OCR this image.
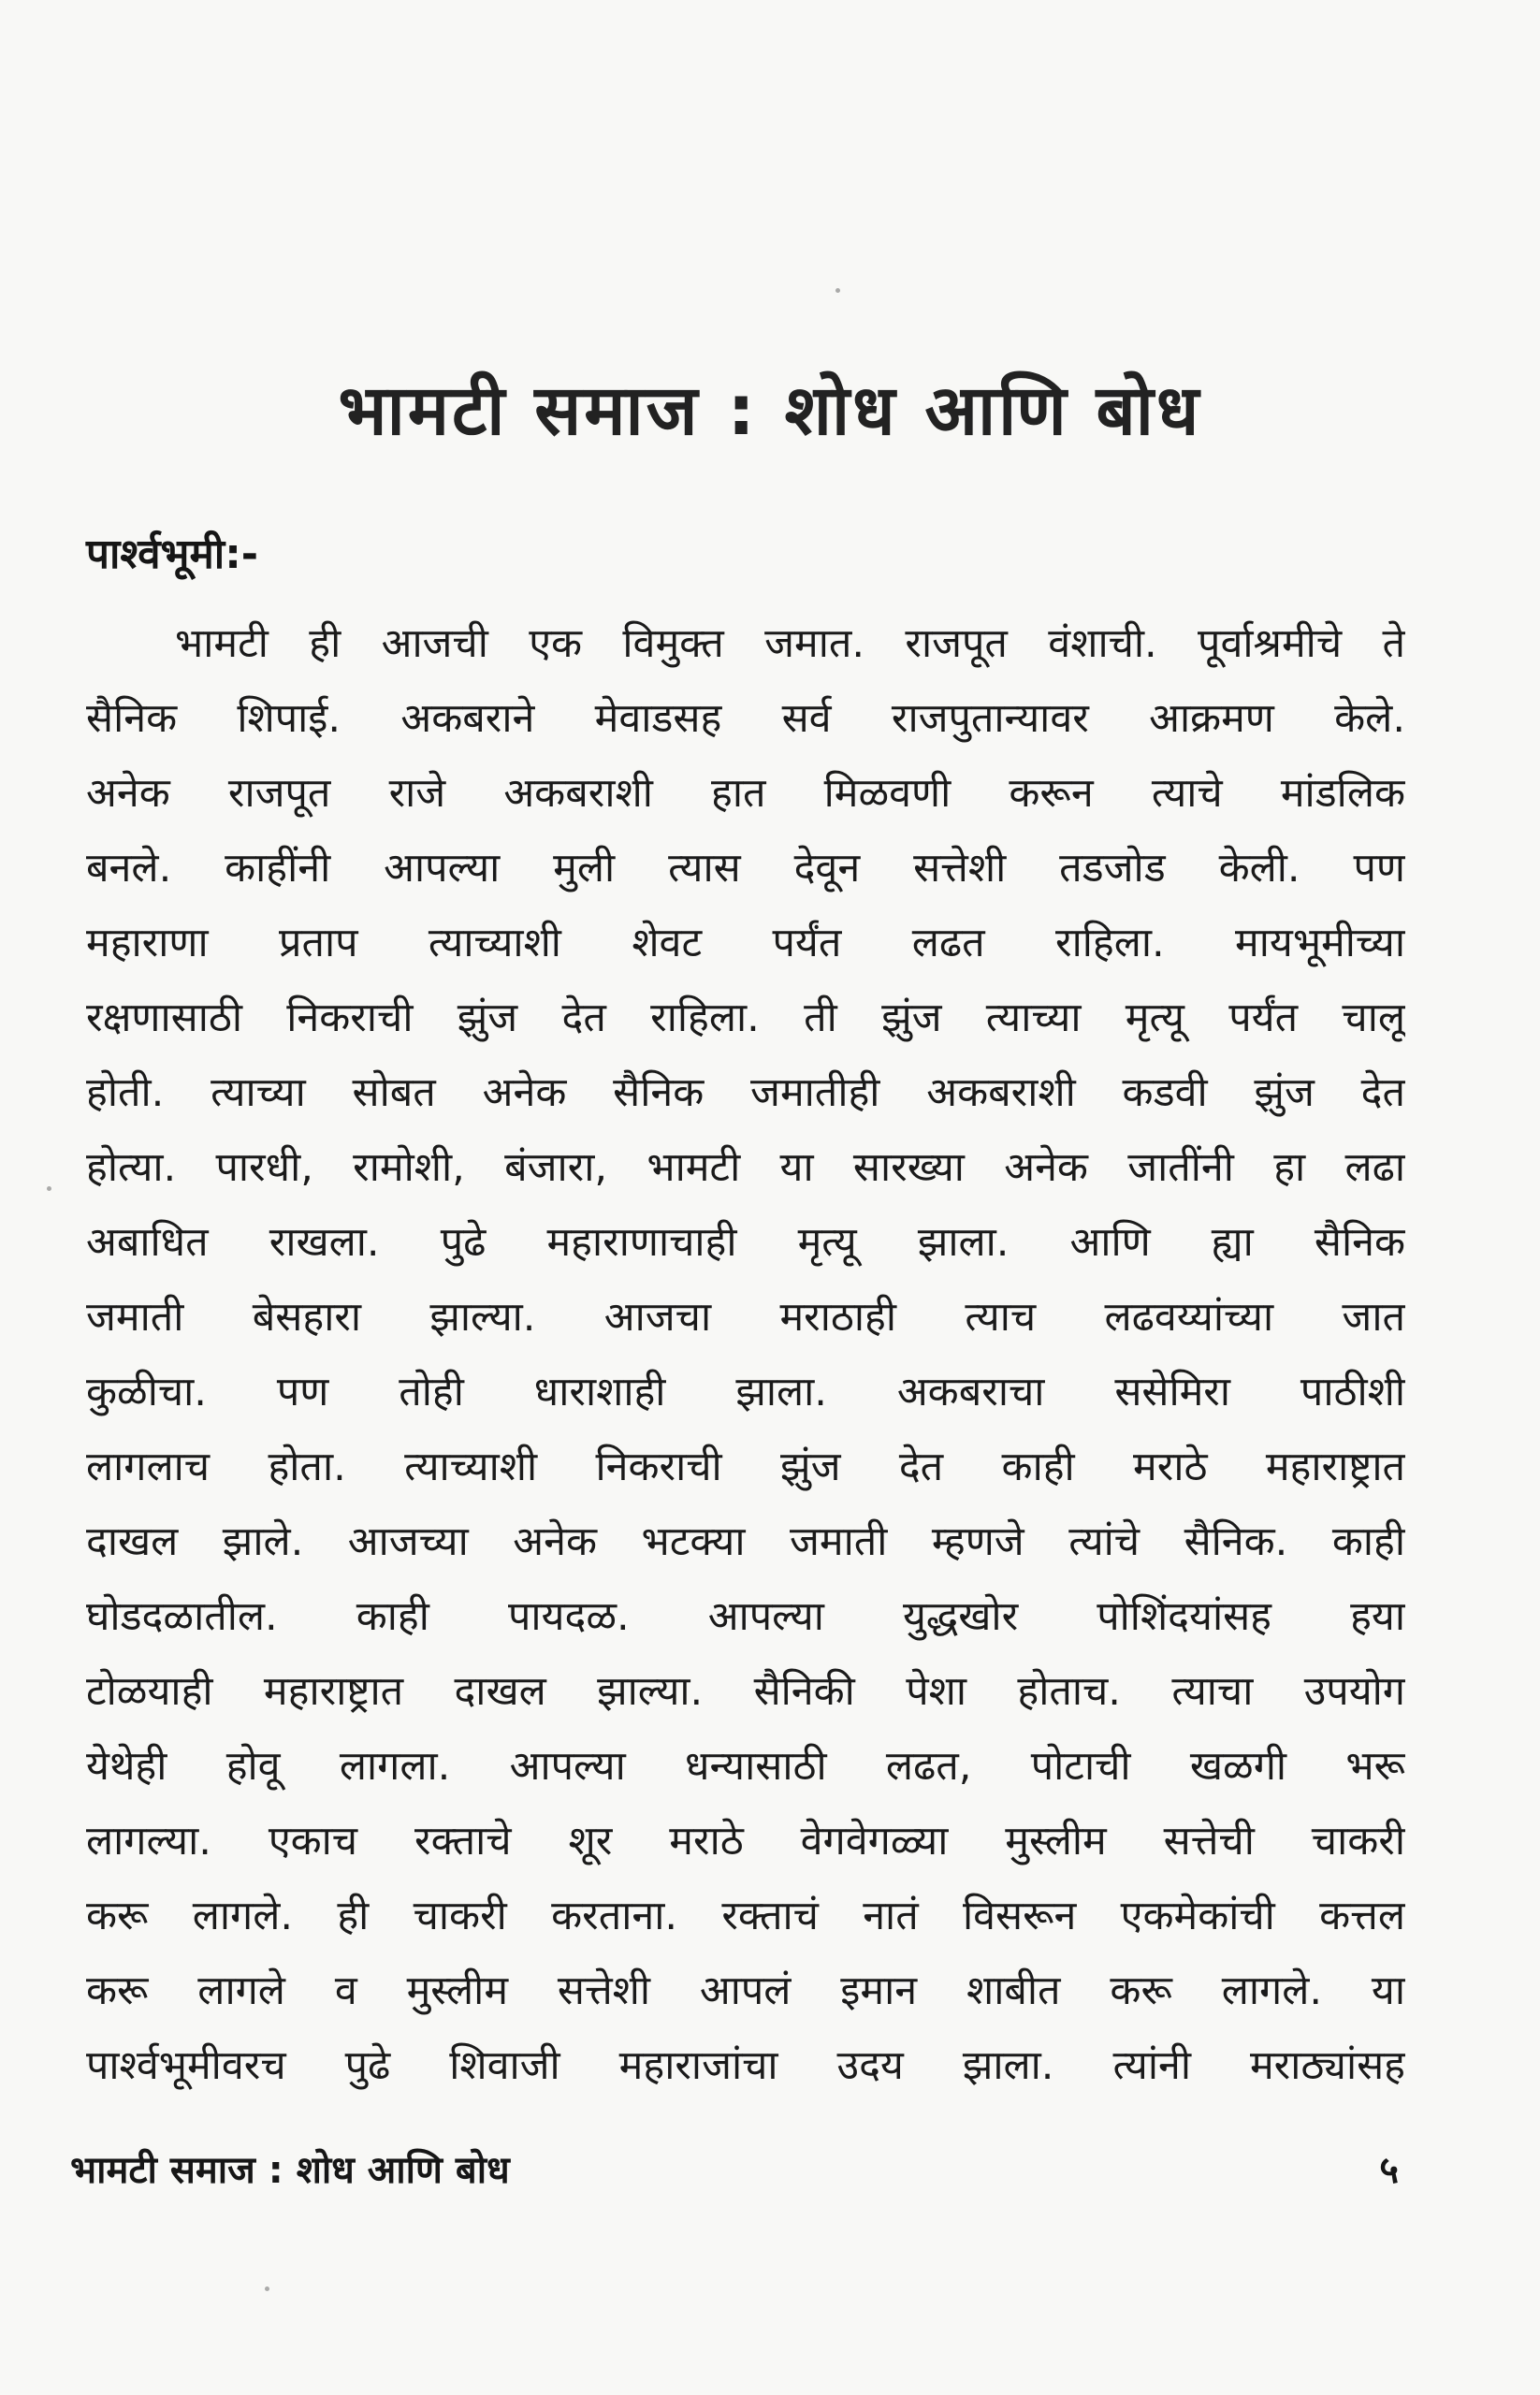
भामटी समाज : शोध आणि बोध
पार्श्वभूमी:-
भामटी ही आजची एक विमुक्त जमात. राजपूत वंशाची. पूर्वाश्रमीचे ते
सैनिक शिपाई. अकबराने मेवाडसह सर्व राजपुतान्यावर आक्रमण केले.
अनेक राजपूत राजे अकबराशी हात मिळवणी करून त्याचे मांडलिक
बनले. काहींनी आपल्या मुली त्यास देवून सत्तेशी तडजोड केली. पण
महाराणा प्रताप त्याच्याशी शेवट पर्यंत लढत राहिला. मायभूमीच्या
रक्षणासाठी निकराची झुंज देत राहिला. ती झुंज त्याच्या मृत्यू पर्यंत चालू
होती. त्याच्या सोबत अनेक सैनिक जमातीही अकबराशी कडवी झुंज देत
होत्या. पारधी, रामोशी, बंजारा, भामटी या सारख्या अनेक जातींनी हा लढा
अबाधित राखला. पुढे महाराणाचाही मृत्यू झाला. आणि ह्या सैनिक
जमाती बेसहारा झाल्या. आजचा मराठाही त्याच लढवय्यांच्या जात
कुळीचा. पण तोही धाराशाही झाला. अकबराचा ससेमिरा पाठीशी
लागलाच होता. त्याच्याशी निकराची झुंज देत काही मराठे महाराष्ट्रात
दाखल झाले. आजच्या अनेक भटक्या जमाती म्हणजे त्यांचे सैनिक. काही
घोडदळातील. काही पायदळ. आपल्या युद्धखोर पोशिंदयांसह हया
टोळयाही महाराष्ट्रात दाखल झाल्या. सैनिकी पेशा होताच. त्याचा उपयोग
येथेही होवू लागला. आपल्या धन्यासाठी लढत, पोटाची खळगी भरू
लागल्या. एकाच रक्ताचे शूर मराठे वेगवेगळ्या मुस्लीम सत्तेची चाकरी
करू लागले. ही चाकरी करताना. रक्ताचं नातं विसरून एकमेकांची कत्तल
करू लागले व मुस्लीम सत्तेशी आपलं इमान शाबीत करू लागले. या
पार्श्वभूमीवरच पुढे शिवाजी महाराजांचा उदय झाला. त्यांनी मराठ्यांसह
भामटी समाज : शोध आणि बोध	५
